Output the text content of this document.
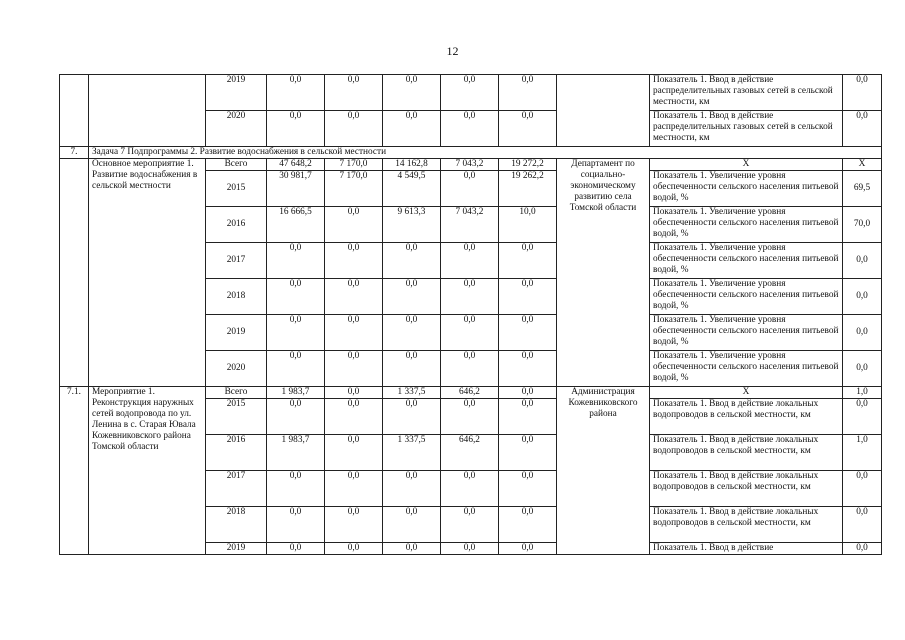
12
		2019	0,0	0,0	0,0	0,0	0,0		Показатель 1. Ввод в действие распределительных газовых сетей в сельской местности, км	0,0
		2020	0,0	0,0	0,0	0,0	0,0		Показатель 1. Ввод в действие распределительных газовых сетей в сельской местности, км	0,0
7.	Задача 7 Подпрограммы 2. Развитие водоснабжения в сельской местности									
	Основное мероприятие 1. Развитие водоснабжения в сельской местности	Всего	47 648,2	7 170,0	14 162,8	7 043,2	19 272,2	Департамент по социально-экономическому развитию села Томской области	X	X
		2015	30 981,7	7 170,0	4 549,5	0,0	19 262,2		Показатель 1. Увеличение уровня обеспеченности сельского населения питьевой водой, %	69,5
		2016	16 666,5	0,0	9 613,3	7 043,2	10,0		Показатель 1. Увеличение уровня обеспеченности сельского населения питьевой водой, %	70,0
		2017	0,0	0,0	0,0	0,0	0,0		Показатель 1. Увеличение уровня обеспеченности сельского населения питьевой водой, %	0,0
		2018	0,0	0,0	0,0	0,0	0,0		Показатель 1. Увеличение уровня обеспеченности сельского населения питьевой водой, %	0,0
		2019	0,0	0,0	0,0	0,0	0,0		Показатель 1. Увеличение уровня обеспеченности сельского населения питьевой водой, %	0,0
		2020	0,0	0,0	0,0	0,0	0,0		Показатель 1. Увеличение уровня обеспеченности сельского населения питьевой водой, %	0,0
7.1.	Мероприятие 1. Реконструкция наружных сетей водопровода по ул. Ленина в с. Старая Ювала Кожевниковского района Томской области	Всего	1 983,7	0,0	1 337,5	646,2	0,0	Администрация Кожевниковского района	X	1,0
		2015	0,0	0,0	0,0	0,0	0,0		Показатель 1. Ввод в действие локальных водопроводов в сельской местности, км	0,0
		2016	1 983,7	0,0	1 337,5	646,2	0,0		Показатель 1. Ввод в действие локальных водопроводов в сельской местности, км	1,0
		2017	0,0	0,0	0,0	0,0	0,0		Показатель 1. Ввод в действие локальных водопроводов в сельской местности, км	0,0
		2018	0,0	0,0	0,0	0,0	0,0		Показатель 1. Ввод в действие локальных водопроводов в сельской местности, км	0,0
		2019	0,0	0,0	0,0	0,0	0,0		Показатель 1. Ввод в действие	0,0
